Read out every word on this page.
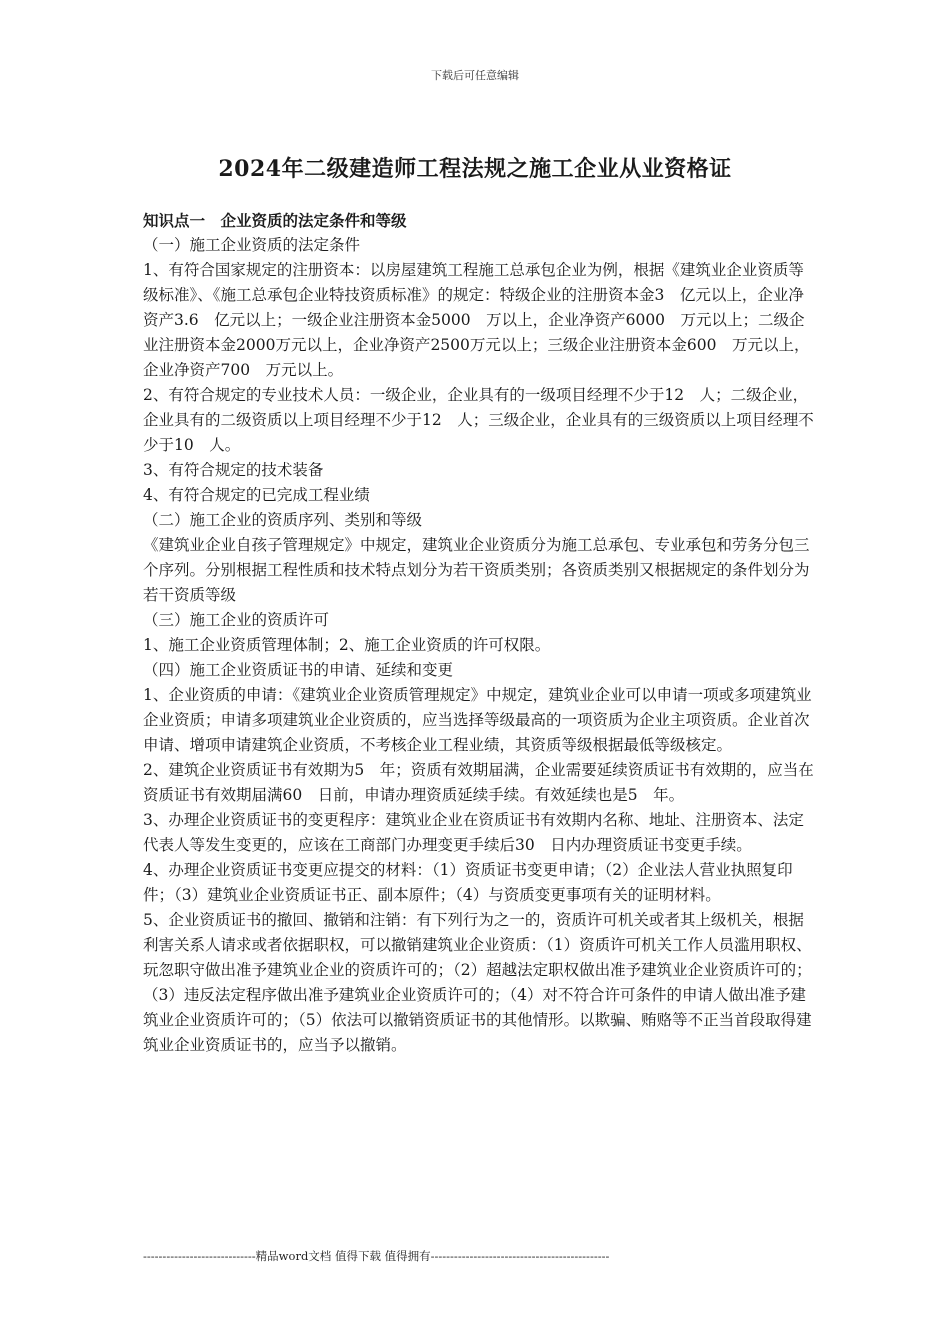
下载后可任意编辑
2024年二级建造师工程法规之施工企业从业资格证

知识点一　企业资质的法定条件和等级

（一）施工企业资质的法定条件

1、有符合国家规定的注册资本：以房屋建筑工程施工总承包企业为例，根据《建筑业企业资质等级标准》、《施工总承包企业特技资质标准》的规定：特级企业的注册资本金3　亿元以上，企业净资产3.6　亿元以上；一级企业注册资本金5000　万以上，企业净资产6000　万元以上；二级企业注册资本金2000万元以上，企业净资产2500万元以上；三级企业注册资本金600　万元以上，企业净资产700　万元以上。

2、有符合规定的专业技术人员：一级企业，企业具有的一级项目经理不少于12　人；二级企业，企业具有的二级资质以上项目经理不少于12　人；三级企业，企业具有的三级资质以上项目经理不少于10　人。

3、有符合规定的技术装备

4、有符合规定的已完成工程业绩

（二）施工企业的资质序列、类别和等级

《建筑业企业自孩子管理规定》中规定，建筑业企业资质分为施工总承包、专业承包和劳务分包三个序列。分别根据工程性质和技术特点划分为若干资质类别；各资质类别又根据规定的条件划分为若干资质等级

（三）施工企业的资质许可

1、施工企业资质管理体制；2、施工企业资质的许可权限。

（四）施工企业资质证书的申请、延续和变更

1、企业资质的申请：《建筑业企业资质管理规定》中规定，建筑业企业可以申请一项或多项建筑业企业资质；申请多项建筑业企业资质的，应当选择等级最高的一项资质为企业主项资质。企业首次申请、增项申请建筑企业资质，不考核企业工程业绩，其资质等级根据最低等级核定。

2、建筑企业资质证书有效期为5　年；资质有效期届满，企业需要延续资质证书有效期的，应当在资质证书有效期届满60　日前，申请办理资质延续手续。有效延续也是5　年。

3、办理企业资质证书的变更程序：建筑业企业在资质证书有效期内名称、地址、注册资本、法定代表人等发生变更的，应该在工商部门办理变更手续后30　日内办理资质证书变更手续。

4、办理企业资质证书变更应提交的材料：（1）资质证书变更申请；（2）企业法人营业执照复印件；（3）建筑业企业资质证书正、副本原件；（4）与资质变更事项有关的证明材料。

5、企业资质证书的撤回、撤销和注销：有下列行为之一的，资质许可机关或者其上级机关，根据利害关系人请求或者依据职权，可以撤销建筑业企业资质：（1）资质许可机关工作人员滥用职权、玩忽职守做出准予建筑业企业的资质许可的；（2）超越法定职权做出准予建筑业企业资质许可的；（3）违反法定程序做出准予建筑业企业资质许可的；（4）对不符合许可条件的申请人做出准予建筑业企业资质许可的；（5）依法可以撤销资质证书的其他情形。以欺骗、贿赂等不正当首段取得建筑业企业资质证书的，应当予以撤销。

-----------------------------精品word文档 值得下载 值得拥有----------------------------------------------
